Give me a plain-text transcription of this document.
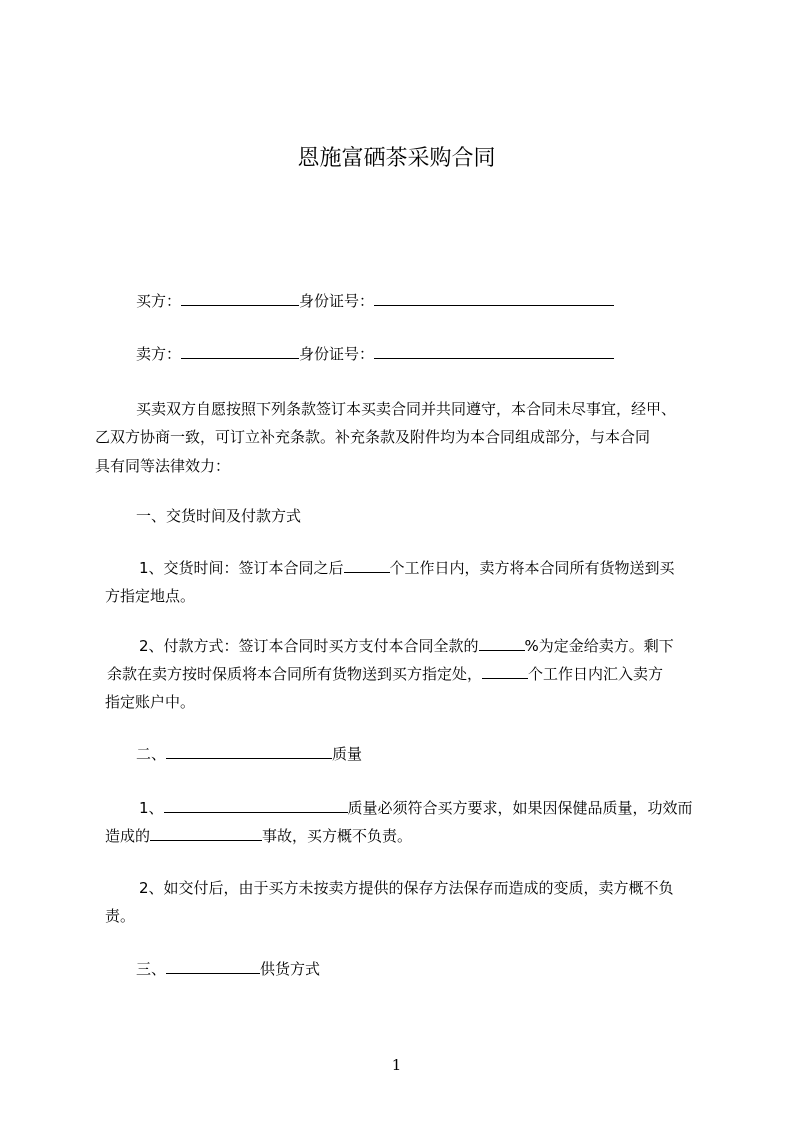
恩施富硒茶采购合同
买方：	身份证号：
卖方：	身份证号：
买卖双方自愿按照下列条款签订本买卖合同并共同遵守，本合同未尽事宜，经甲、
乙双方协商一致，可订立补充条款。补充条款及附件均为本合同组成部分，与本合同
具有同等法律效力：
一、交货时间及付款方式
1、交货时间：签订本合同之后	个工作日内，卖方将本合同所有货物送到买
方指定地点。
2、付款方式：签订本合同时买方支付本合同全款的	%为定金给卖方。剩下
余款在卖方按时保质将本合同所有货物送到买方指定处，	个工作日内汇入卖方
指定账户中。
二、	质量
1、	质量必须符合买方要求，如果因保健品质量，功效而
造成的	事故，买方概不负责。
2、如交付后，由于买方未按卖方提供的保存方法保存而造成的变质，卖方概不负
责。
三、	供货方式
1
